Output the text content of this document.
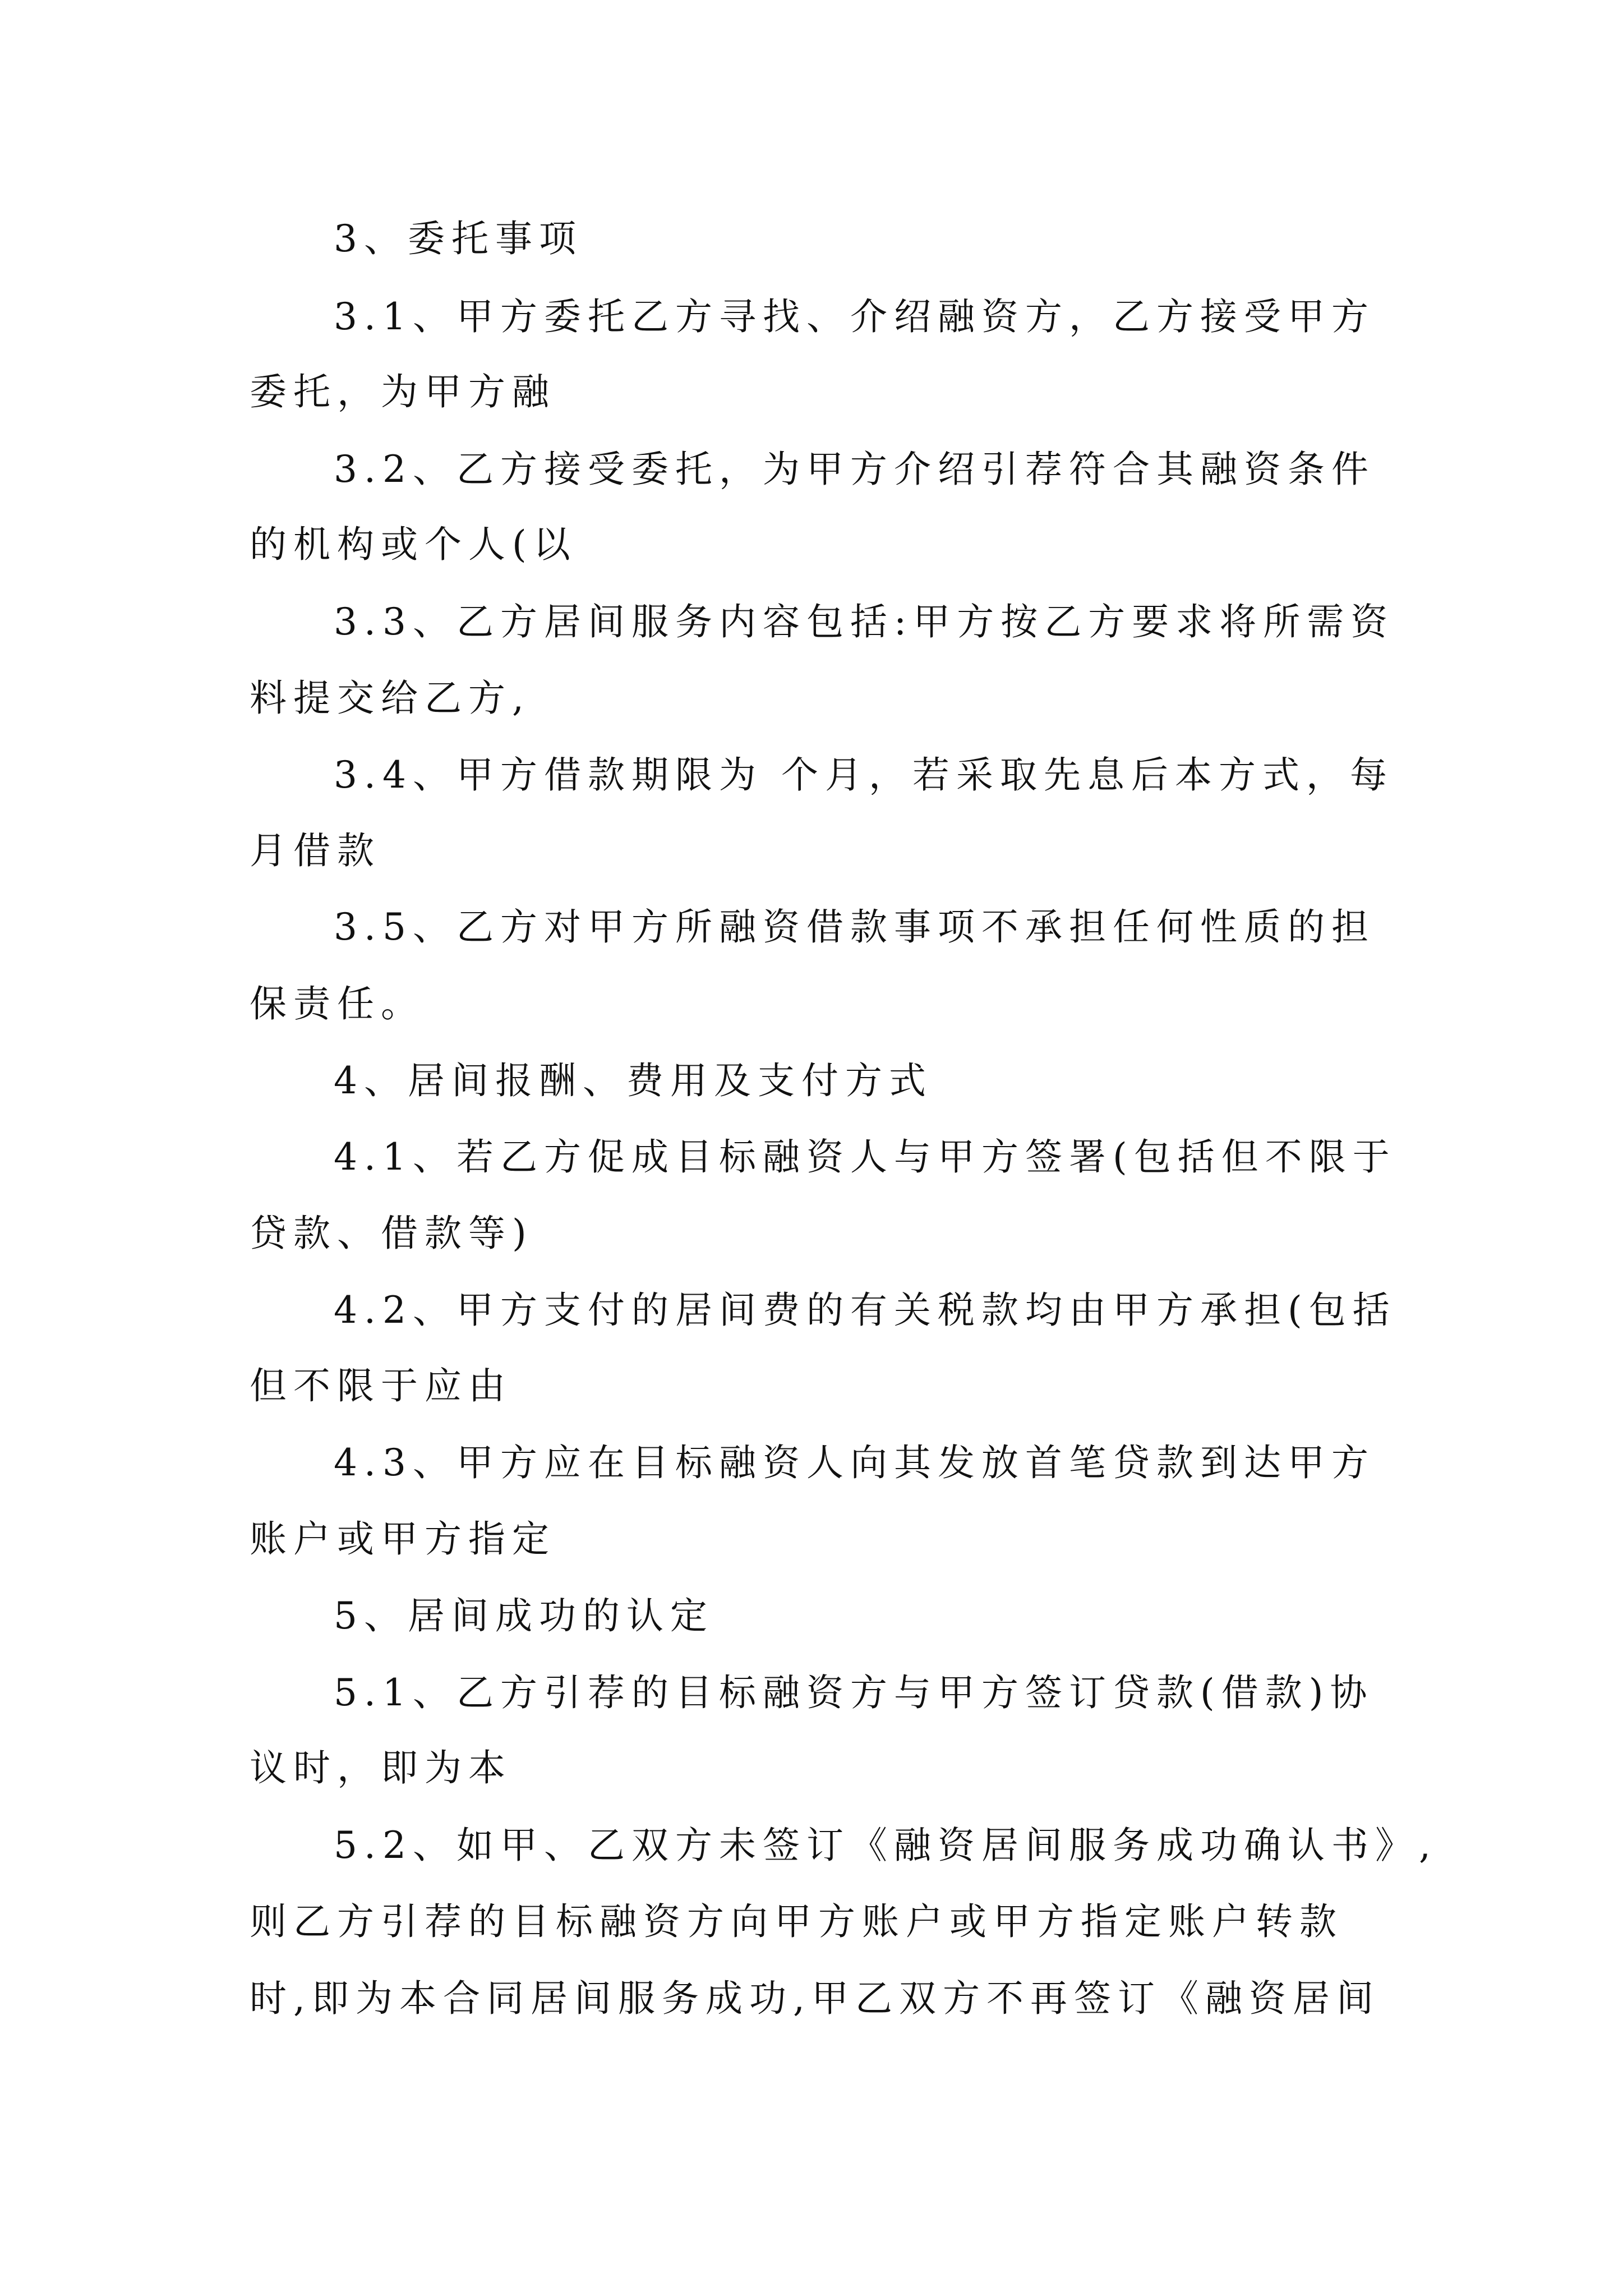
3、委托事项
3.1、甲方委托乙方寻找、介绍融资方，乙方接受甲方
委托，为甲方融
3.2、乙方接受委托，为甲方介绍引荐符合其融资条件
的机构或个人(以
3.3、乙方居间服务内容包括:甲方按乙方要求将所需资
料提交给乙方,
3.4、甲方借款期限为 个月，若采取先息后本方式，每
月借款
3.5、乙方对甲方所融资借款事项不承担任何性质的担
保责任。
4、居间报酬、费用及支付方式
4.1、若乙方促成目标融资人与甲方签署(包括但不限于
贷款、借款等)
4.2、甲方支付的居间费的有关税款均由甲方承担(包括
但不限于应由
4.3、甲方应在目标融资人向其发放首笔贷款到达甲方
账户或甲方指定
5、居间成功的认定
5.1、乙方引荐的目标融资方与甲方签订贷款(借款)协
议时，即为本
5.2、如甲、乙双方未签订《融资居间服务成功确认书》,
则乙方引荐的目标融资方向甲方账户或甲方指定账户转款
时,即为本合同居间服务成功,甲乙双方不再签订《融资居间
